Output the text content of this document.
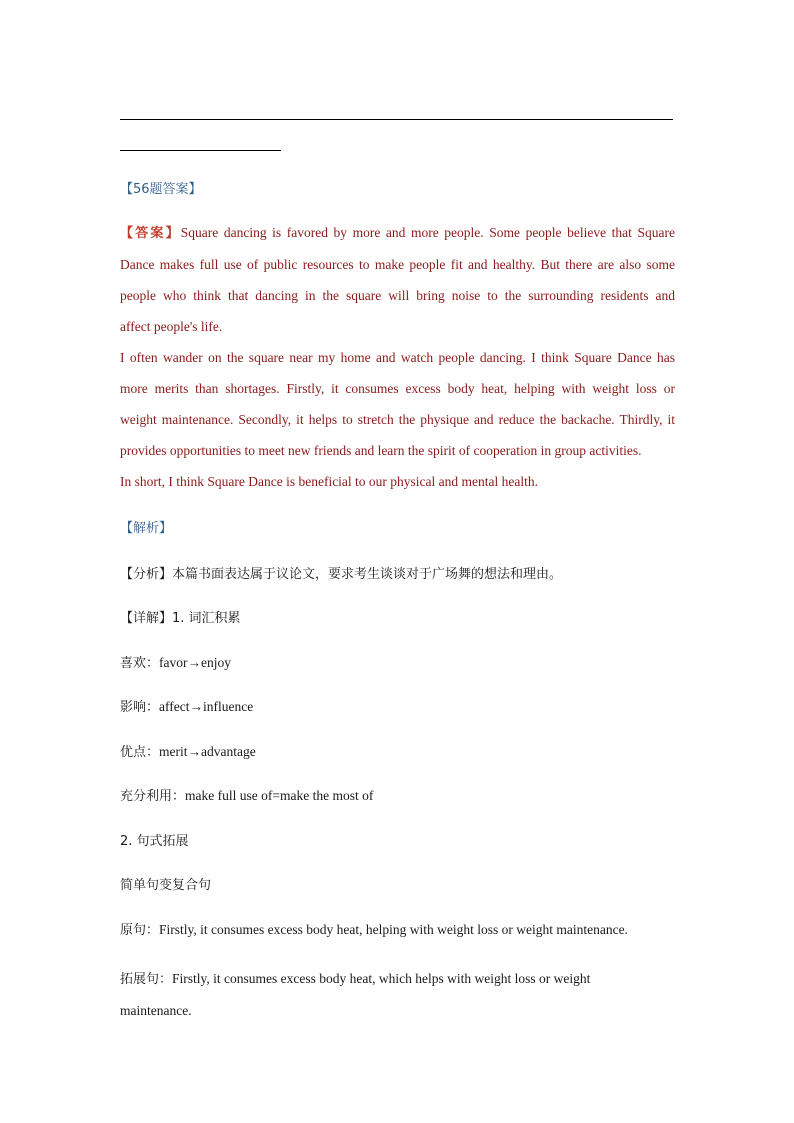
【56题答案】
【答案】Square dancing is favored by more and more people. Some people believe that Square
Dance makes full use of public resources to make people fit and healthy. But there are also some
people who think that dancing in the square will bring noise to the surrounding residents and
affect people's life.
I often wander on the square near my home and watch people dancing. I think Square Dance has
more merits than shortages. Firstly, it consumes excess body heat, helping with weight loss or
weight maintenance. Secondly, it helps to stretch the physique and reduce the backache. Thirdly, it
provides opportunities to meet new friends and learn the spirit of cooperation in group activities.
In short, I think Square Dance is beneficial to our physical and mental health.
【解析】
【分析】本篇书面表达属于议论文，要求考生谈谈对于广场舞的想法和理由。
【详解】1. 词汇积累
喜欢：favor→enjoy
影响：affect→influence
优点：merit→advantage
充分利用：make full use of=make the most of
2. 句式拓展
简单句变复合句
原句：Firstly, it consumes excess body heat, helping with weight loss or weight maintenance.
拓展句：Firstly, it consumes excess body heat, which helps with weight loss or weight
maintenance.
